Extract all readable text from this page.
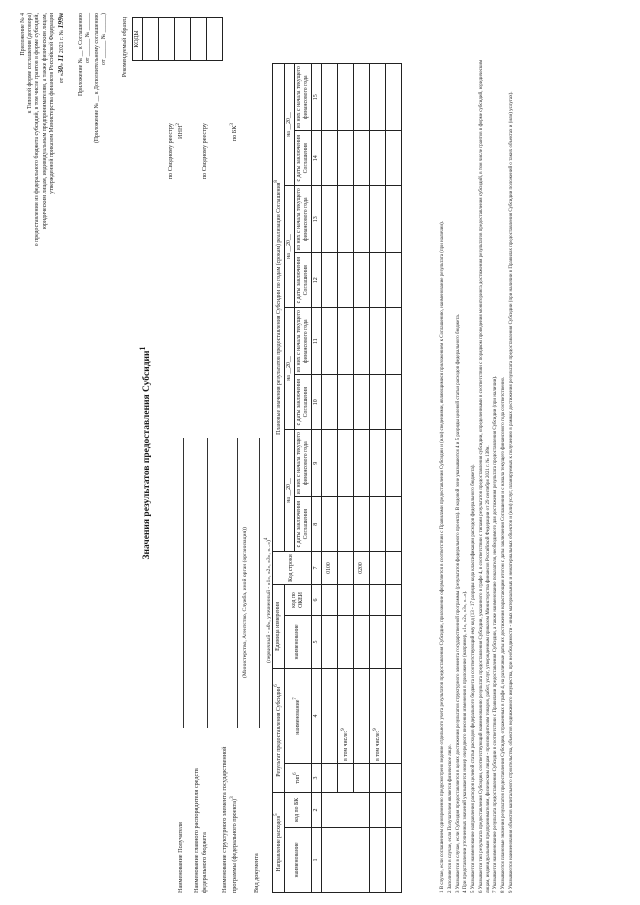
Приложение № 4 к Типовой форме соглашения (договора) о предоставлении из федерального бюджета субсидий, в том числе грантов в форме субсидий, юридическим лицам, индивидуальным предпринимателям, а также физическим лицам, утвержденной приказом Министерства финансов Российской Федерации от «30» 11 2021 г. № 199н Приложение № __ к Соглашению от ______ № ______ (Приложение № __ к Дополнительному соглашению от ______ № ______)	Рекомендуемый образец КОДЫ
Значения результатов предоставления Субсидии$^1$
Наименование Получателя
по Сводному реестру ИНН$^2$
Наименование главного распорядителя средств федерального бюджета
по Сводному реестру
Наименование структурного элемента государственной программы (федерального проекта)$^3$
по $БК^3$
Вид документа
(Министерство, Агентство, Служба, иной орган (организация))	(первичный - «0», уточненный - «1», «2», «3», «...»)$^4$
Направление расходов$^5$		Результат предоставления Субсидии$^6$		Единица измерения		Код строки	Плановые значения результатов предоставления Субсидии по годам (срокам) реализации Соглашения$^8$
наименование	код по БК	тип$^6$	наименование$^7$	наименование	код по ОКЕИ		на __20__		на __20__		на __20__		на __20__	
							с даты заключения Соглашения	из них с начала текущего финансового года	с даты заключения Соглашения	из них с начала текущего финансового года	с даты заключения Соглашения	из них с начала текущего финансового года	с даты заключения Соглашения	из них с начала текущего финансового года
1	2	3	4	5	6	7	8	9	10	11	12	13	14	15
						0100								
			в том числе:$^9$											
						0200								
			в том числе:$^9$											
															1 В случае, если соглашением одновременно предусмотрено ведение отдельного учета результатов предоставления Субсидии, приложение оформляется в соответствии с Правилами предоставления Субсидии и (или) сведениями, являющимися приложением к Соглашению, наименование результата (при наличии). 2 Заполняется в случае, если Получателем является физическое лицо. 3 Указывается в случае, если Субсидия предоставляется в целях достижения результатов структурного элемента государственной программы (результатов федерального проекта). В кодовой зоне указываются 4 и 5 разряды целевой статьи расходов федерального бюджета. 4 При представлении уточненных значений указывается номер очередного внесения изменения в приложение (например, «1», «2», «3», «...»). 5 Указывается наименование направления расходов целевой статьи расходов федерального бюджета и соответствующий ему код (13 - 17 разряды кода классификации расходов федерального бюджета). 6 Указывается тип результата предоставления Субсидии, соответствующий наименованию результата предоставления Субсидии, указанного в графе 4, в соответствии с типами результатов предоставления субсидии, определенными в соответствии с порядком проведения мониторинга достижения результатов предоставления субсидий, в том числе грантов в форме субсидий, юридическим лицам, индивидуальным предпринимателям, физическим лицам - производителям товаров, работ, услуг, утвержденным приказом Министерства финансов Российской Федерации от 29 сентября 2021 г. № 138н. 7 Указывается наименование результата предоставления Субсидии в соответствии с Правилами предоставления Субсидии, а также наименование показателя, необходимого для достижения результата предоставления Субсидии (при наличии). 8 Указываются плановые значения результатов предоставления Субсидии, отраженных в графе 4, на различные даты их достижения нарастающим итогом с даты заключения Соглашения и с начала текущего финансового года соответственно. 9 Указываются наименования объектов капитального строительства, объектов недвижимого имущества, при необходимости - иных материальных и нематериальных объектов и (или) услуг, планируемых к получению в рамках достижения результата предоставления Субсидии (при наличии в Правилах предоставления Субсидии положений о таких объектах и (или) услугах).
